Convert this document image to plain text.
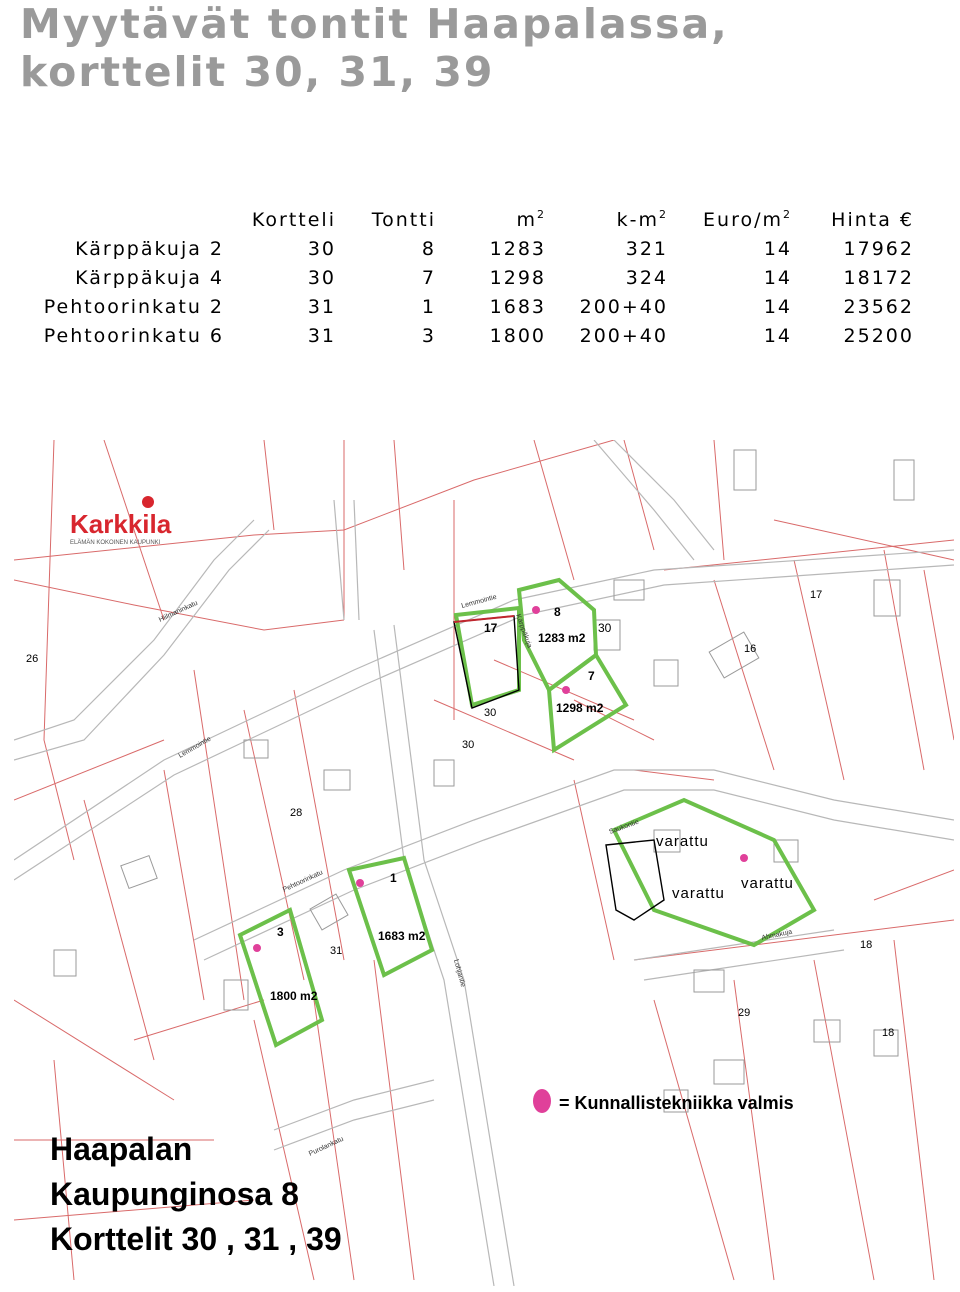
Myytävät tontit Haapalassa,
korttelit 30, 31, 39
	Kortteli	Tontti	$m^2$	$k-m^2$	Euro/$m^2$	Hinta €
Kärppäkuja 2	30	8	1283	321	14	17962
Kärppäkuja 4	30	7	1298	324	14	18172
Pehtoorinkatu 2	31	1	1683	200+40	14	23562
Pehtoorinkatu 6	31	3	1800	200+40	14	25200
Karkkila
ELÄMÄN KOKOINEN KAUPUNKI
8
1283 m2
7
1298 m2
1
1683 m2
3
1800 m2
17
30
30
30
28
31
16
17
29
18
18
26
Lemmointie
Lemmointie
Pehtoorinkatu
Ahmakuja
Kärppäkuja
Hiilmaninkatu
Lohjantie
Saukontie
Purolankatu
= Kunnallistekniikka valmis
Haapalan
Kaupunginosa 8
Korttelit 30 , 31 , 39
varattu
varattu
varattu
